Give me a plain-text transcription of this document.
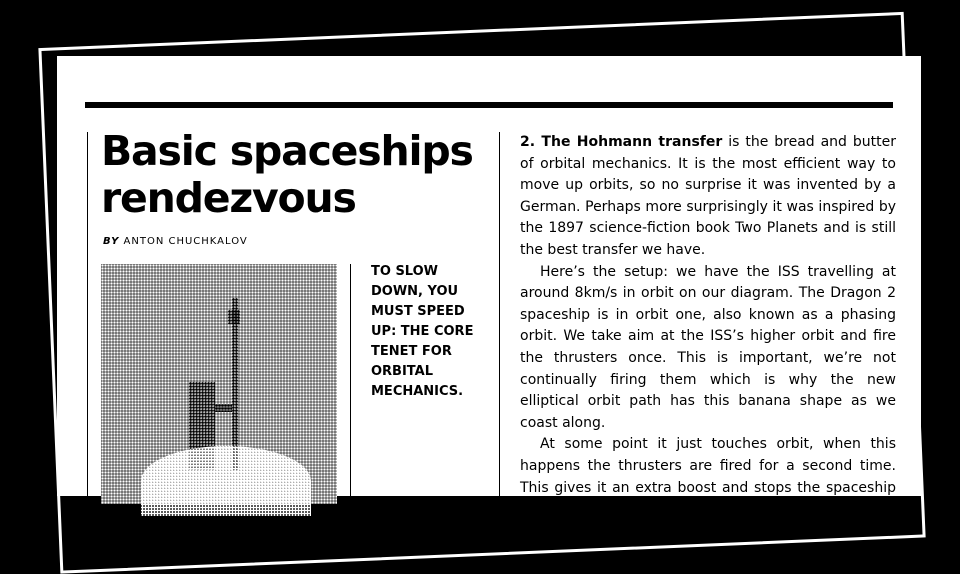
Basic spaceships rendezvous

BY ANTON CHUCHKALOV

TO SLOW DOWN, YOU MUST SPEED UP: THE CORE TENET FOR ORBITAL MECHANICS.

2. The Hohmann transfer is the bread and butter of orbital mechanics. It is the most efficient way to move up orbits, so no surprise it was invented by a German. Perhaps more surprisingly it was inspired by the 1897 science-fiction book Two Planets and is still the best transfer we have.

Here’s the setup: we have the ISS travelling at around 8km/s in orbit on our diagram. The Dragon 2 spaceship is in orbit one, also known as a phasing orbit. We take aim at the ISS’s higher orbit and fire the thrusters once. This is important, we’re not continually firing them which is why the new elliptical orbit path has this banana shape as we coast along.

At some point it just touches orbit, when this happens the thrusters are fired for a second time. This gives it an extra boost and stops the spaceship from
